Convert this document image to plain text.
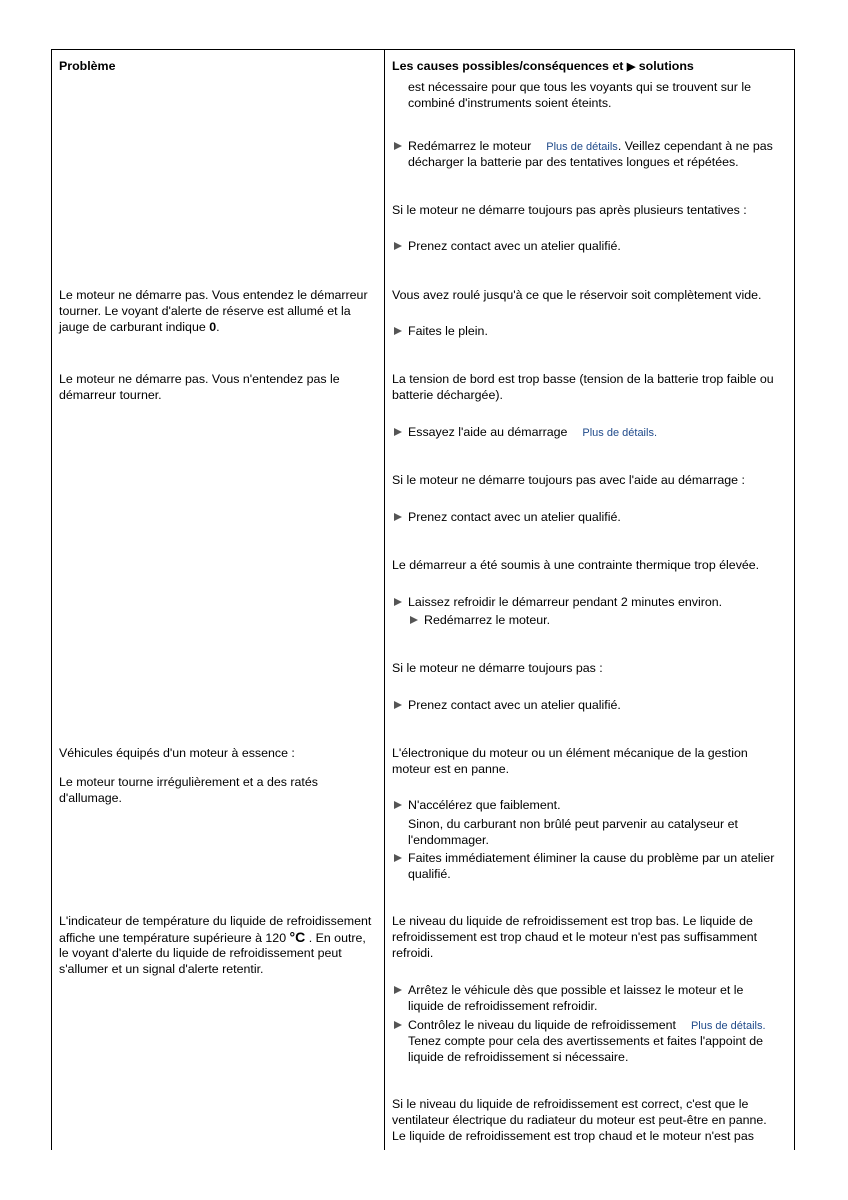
Problème	Les causes possibles/conséquences et ▶ solutions
est nécessaire pour que tous les voyants qui se trouvent sur le
combiné d'instruments soient éteints.
Redémarrez le moteur Plus de détails. Veillez cependant à ne pas
décharger la batterie par des tentatives longues et répétées.
Si le moteur ne démarre toujours pas après plusieurs tentatives :
Prenez contact avec un atelier qualifié.
Le moteur ne démarre pas. Vous entendez le démarreur
tourner. Le voyant d'alerte de réserve est allumé et la
jauge de carburant indique 0.
Vous avez roulé jusqu'à ce que le réservoir soit complètement vide.
Faites le plein.
Le moteur ne démarre pas. Vous n'entendez pas le
démarreur tourner.
La tension de bord est trop basse (tension de la batterie trop faible ou
batterie déchargée).
Essayez l'aide au démarrage Plus de détails.
Si le moteur ne démarre toujours pas avec l'aide au démarrage :
Prenez contact avec un atelier qualifié.
Le démarreur a été soumis à une contrainte thermique trop élevée.
Laissez refroidir le démarreur pendant 2 minutes environ.
Redémarrez le moteur.
Si le moteur ne démarre toujours pas :
Prenez contact avec un atelier qualifié.
Véhicules équipés d'un moteur à essence :
Le moteur tourne irrégulièrement et a des ratés
d'allumage.
L'électronique du moteur ou un élément mécanique de la gestion
moteur est en panne.
N'accélérez que faiblement.
Sinon, du carburant non brûlé peut parvenir au catalyseur et
l'endommager.
Faites immédiatement éliminer la cause du problème par un atelier
qualifié.
L'indicateur de température du liquide de refroidissement
affiche une température supérieure à 120 °C . En outre,
le voyant d'alerte du liquide de refroidissement peut
s'allumer et un signal d'alerte retentir.
Le niveau du liquide de refroidissement est trop bas. Le liquide de
refroidissement est trop chaud et le moteur n'est pas suffisamment
refroidi.
Arrêtez le véhicule dès que possible et laissez le moteur et le
liquide de refroidissement refroidir.
Contrôlez le niveau du liquide de refroidissement Plus de détails.
Tenez compte pour cela des avertissements et faites l'appoint de
liquide de refroidissement si nécessaire.
Si le niveau du liquide de refroidissement est correct, c'est que le
ventilateur électrique du radiateur du moteur est peut-être en panne.
Le liquide de refroidissement est trop chaud et le moteur n'est pas
